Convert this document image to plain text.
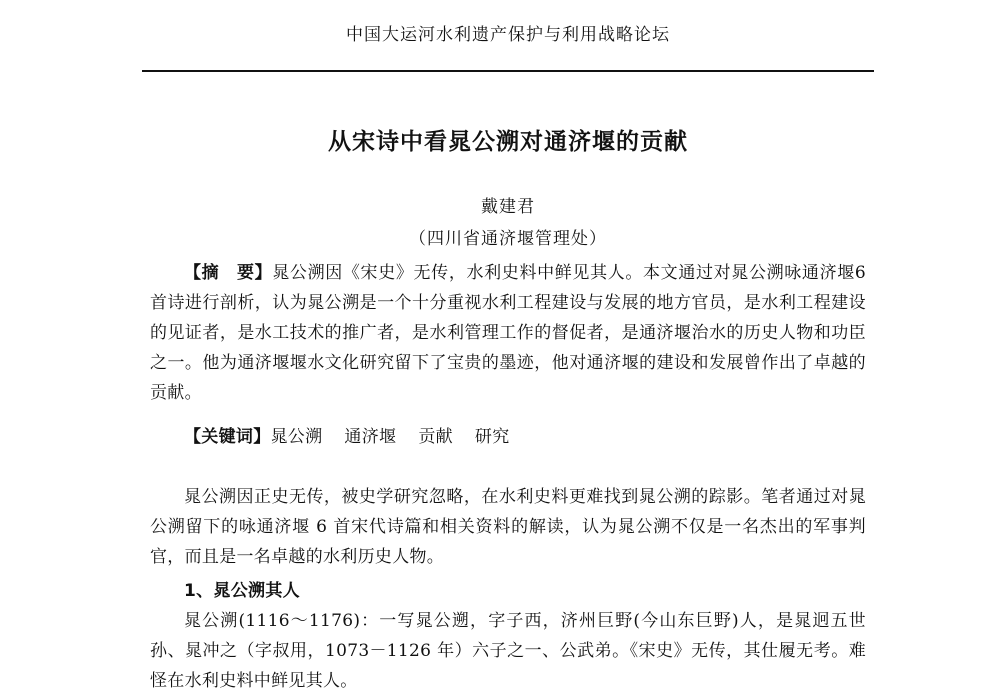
中国大运河水利遗产保护与利用战略论坛
从宋诗中看晁公溯对通济堰的贡献
戴建君
（四川省通济堰管理处）
【摘　要】晁公溯因《宋史》无传，水利史料中鲜见其人。本文通过对晁公溯咏通济堰6首诗进行剖析，认为晁公溯是一个十分重视水利工程建设与发展的地方官员，是水利工程建设的见证者，是水工技术的推广者，是水利管理工作的督促者，是通济堰治水的历史人物和功臣之一。他为通济堰堰水文化研究留下了宝贵的墨迹，他对通济堰的建设和发展曾作出了卓越的贡献。
【关键词】晁公溯 通济堰 贡献 研究
晁公溯因正史无传，被史学研究忽略，在水利史料更难找到晁公溯的踪影。笔者通过对晁公溯留下的咏通济堰 6 首宋代诗篇和相关资料的解读，认为晁公溯不仅是一名杰出的军事判官，而且是一名卓越的水利历史人物。
1、晁公溯其人
晁公溯(1116～1176)：一写晁公遡，字子西，济州巨野(今山东巨野)人，是晁迥五世孙、晁冲之（字叔用，1073－1126 年）六子之一、公武弟。《宋史》无传，其仕履无考。难怪在水利史料中鲜见其人。
